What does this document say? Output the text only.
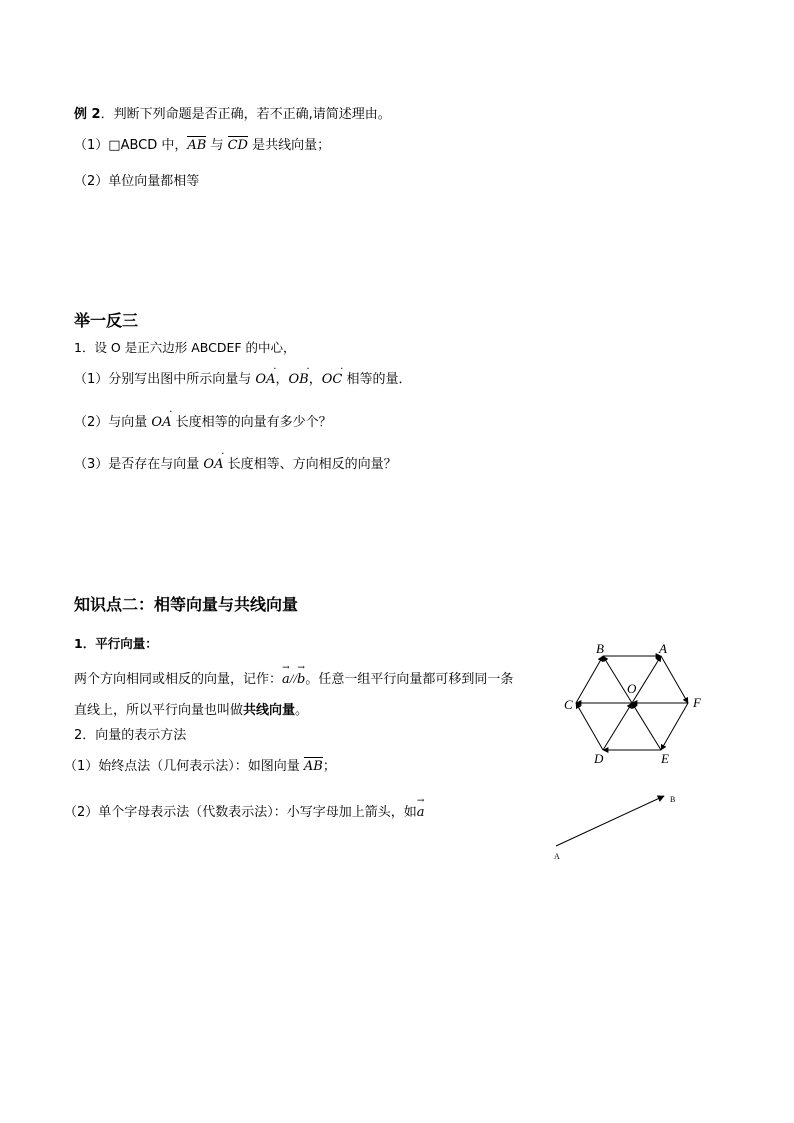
例 2．判断下列命题是否正确，若不正确,请简述理由。
（1）□ABCD 中，AB 与 CD 是共线向量；
（2）单位向量都相等
举一反三
1．设 O 是正六边形 ABCDEF 的中心，
（1）分别写出图中所示向量与 OA
·
，OB
·
，OC
·
相等的量．
（2）与向量 OA
·
长度相等的向量有多少个？
（3）是否存在与向量 OA
·
长度相等、方向相反的向量？
知识点二：相等向量与共线向量
1．平行向量：
两个方向相同或相反的向量，记作：a
→
//b
→
。任意一组平行向量都可移到同一条
直线上，所以平行向量也叫做共线向量。
2．向量的表示方法
（1）始终点法（几何表示法）：如图向量 AB；
（2）单个字母表示法（代数表示法）：小写字母加上箭头，如a
→
B	A
C
O
F
D	E
A
B
